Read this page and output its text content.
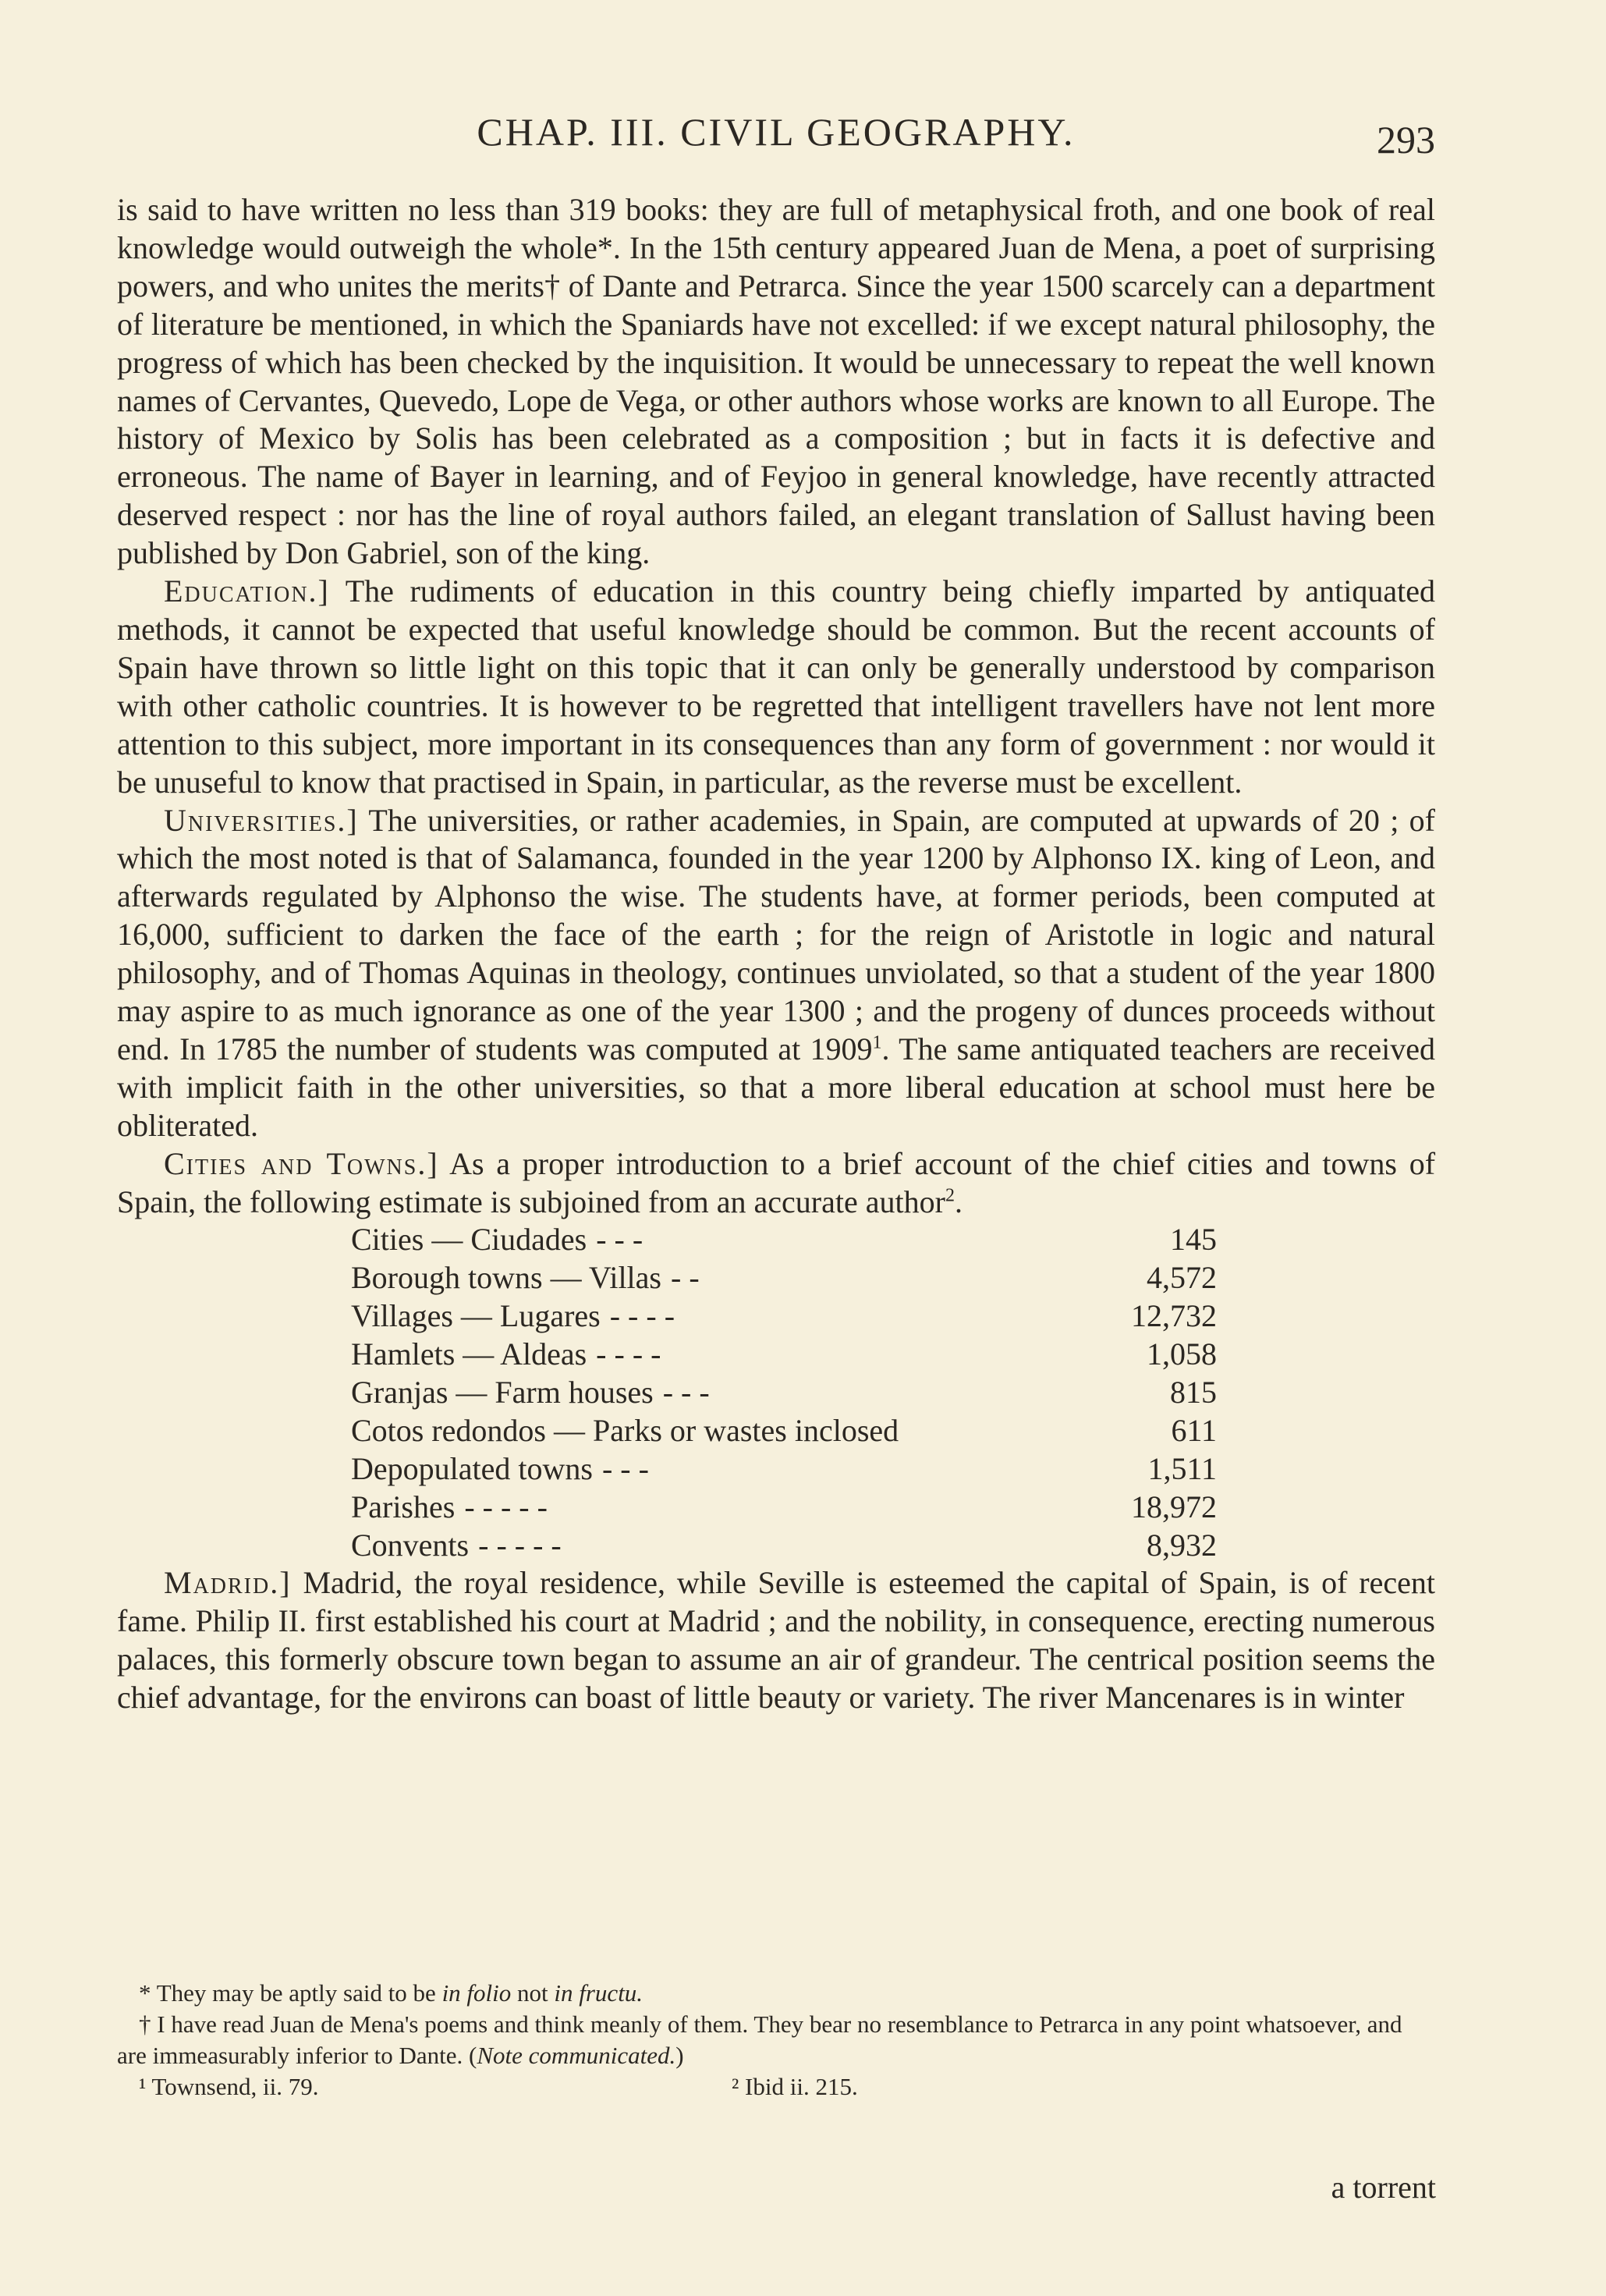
CHAP. III. CIVIL GEOGRAPHY.	293

is said to have written no less than 319 books: they are full of metaphysical froth, and one book of real knowledge would outweigh the whole*. In the 15th century appeared Juan de Mena, a poet of surprising powers, and who unites the merits† of Dante and Petrarca. Since the year 1500 scarcely can a department of literature be mentioned, in which the Spaniards have not excelled: if we except natural philosophy, the progress of which has been checked by the inquisition. It would be unnecessary to repeat the well known names of Cervantes, Quevedo, Lope de Vega, or other authors whose works are known to all Europe. The history of Mexico by Solis has been celebrated as a composition ; but in facts it is defective and erroneous. The name of Bayer in learning, and of Feyjoo in general knowledge, have recently attracted deserved respect : nor has the line of royal authors failed, an elegant translation of Sallust having been published by Don Gabriel, son of the king.

Education.] The rudiments of education in this country being chiefly imparted by antiquated methods, it cannot be expected that useful knowledge should be common. But the recent accounts of Spain have thrown so little light on this topic that it can only be generally understood by comparison with other catholic countries. It is however to be regretted that intelligent travellers have not lent more attention to this subject, more important in its consequences than any form of government : nor would it be unuseful to know that practised in Spain, in particular, as the reverse must be excellent.

Universities.] The universities, or rather academies, in Spain, are computed at upwards of 20 ; of which the most noted is that of Salamanca, founded in the year 1200 by Alphonso IX. king of Leon, and afterwards regulated by Alphonso the wise. The students have, at former periods, been computed at 16,000, sufficient to darken the face of the earth ; for the reign of Aristotle in logic and natural philosophy, and of Thomas Aquinas in theology, continues unviolated, so that a student of the year 1800 may aspire to as much ignorance as one of the year 1300 ; and the progeny of dunces proceeds without end. In 1785 the number of students was computed at 1909$^1$. The same antiquated teachers are received with implicit faith in the other universities, so that a more liberal education at school must here be obliterated.

Cities and Towns.] As a proper introduction to a brief account of the chief cities and towns of Spain, the following estimate is subjoined from an accurate author$^2$.

Cities — Ciudades - - -	145
Borough towns — Villas - -	4,572
Villages — Lugares - - - -	12,732
Hamlets — Aldeas - - - -	1,058
Granjas — Farm houses - - -	815
Cotos redondos — Parks or wastes inclosed	611
Depopulated towns - - -	1,511
Parishes - - - - -	18,972
Convents - - - - -	8,932

Madrid.] Madrid, the royal residence, while Seville is esteemed the capital of Spain, is of recent fame. Philip II. first established his court at Madrid ; and the nobility, in consequence, erecting numerous palaces, this formerly obscure town began to assume an air of grandeur. The centrical position seems the chief advantage, for the environs can boast of little beauty or variety. The river Mancenares is in winter

* They may be aptly said to be in folio not in fructu.

† I have read Juan de Mena's poems and think meanly of them. They bear no resemblance to Petrarca in any point whatsoever, and are immeasurably inferior to Dante. (Note communicated.)

¹ Townsend, ii. 79.	² Ibid ii. 215.
a torrent
